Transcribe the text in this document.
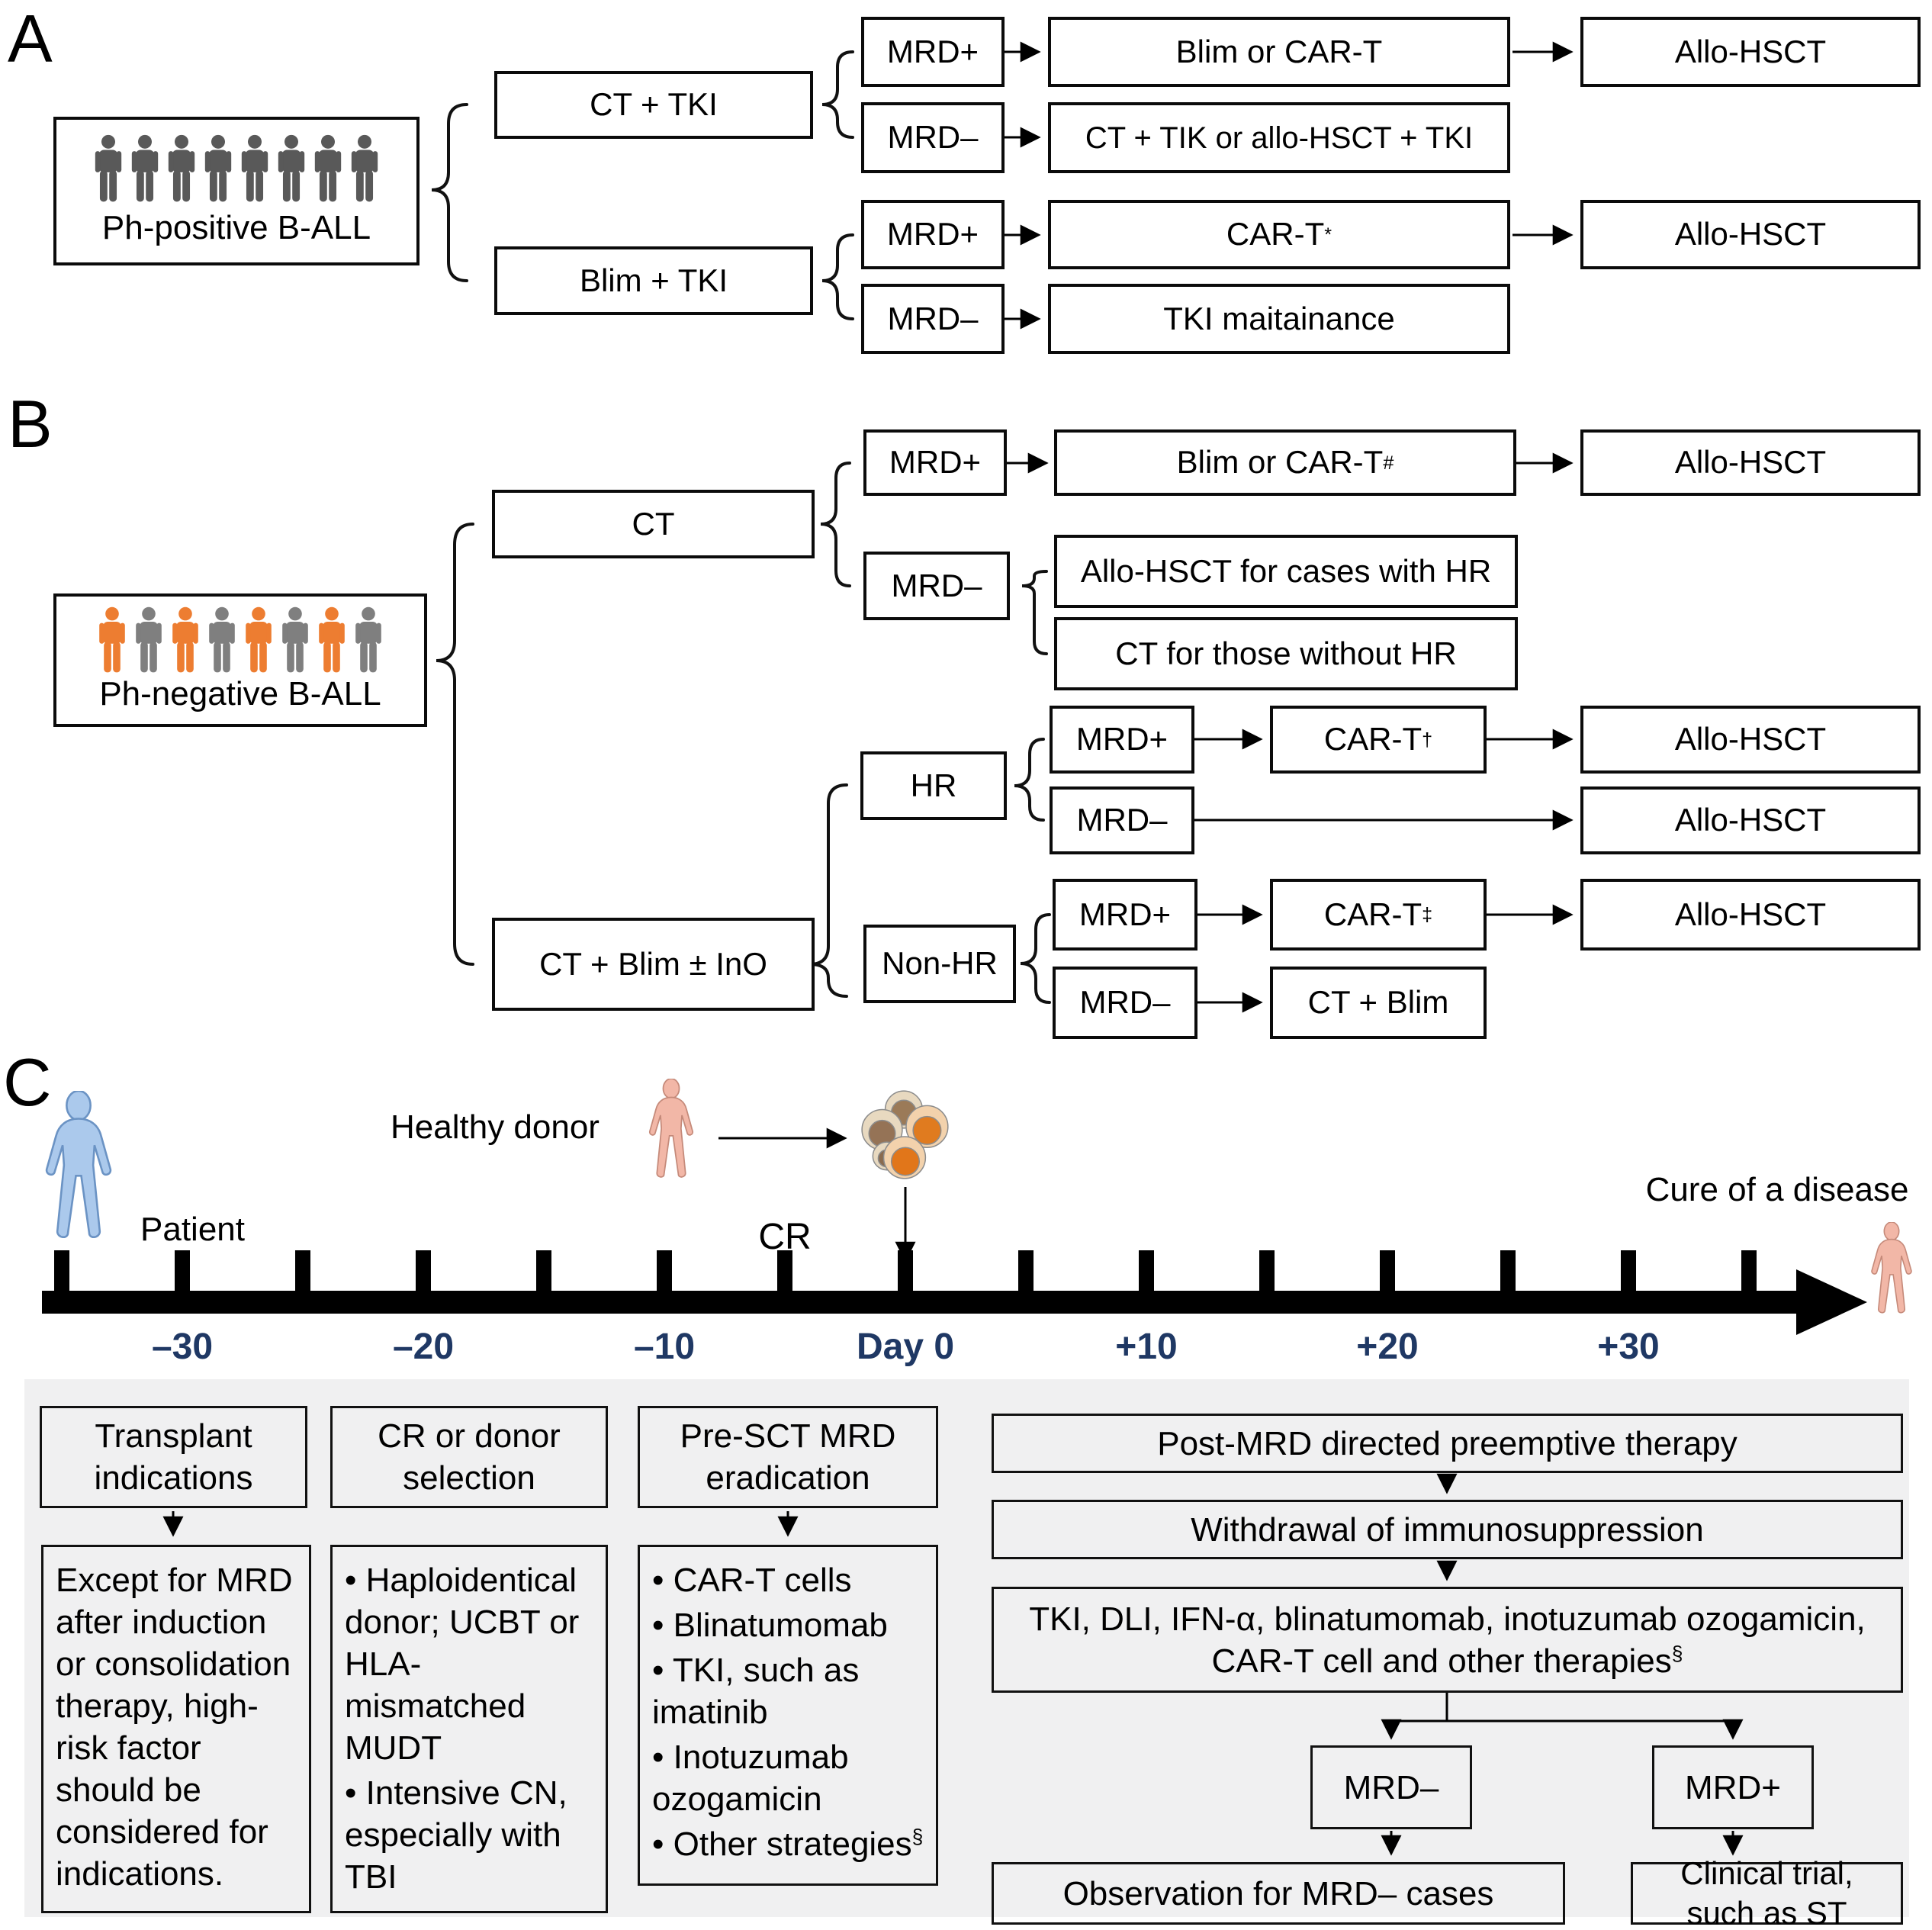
A
Ph-positive B-ALL
CT + TKI
Blim + TKI
MRD+	Blim or CAR-T	Allo-HSCT
MRD–	CT + TIK or allo-HSCT + TKI
MRD+	CAR-T *	Allo-HSCT
MRD–	TKI maitainance
B
Ph-negative B-ALL
CT
MRD+	Blim or CAR-T #	Allo-HSCT
MRD–	Allo-HSCT for cases with HR
CT for those without HR
CT + Blim ± InO
HR
MRD+	CAR-T †	Allo-HSCT
MRD–	Allo-HSCT
Non-HR
MRD+	CAR-T ‡	Allo-HSCT
MRD–	CT + Blim
C
Patient
Healthy donor
CR
–30	–20	–10	Day 0	+10	+20	+30
Cure of a disease
Transplant indications
Except for MRD after induction or consolidation therapy, high-risk factor should be considered for indications.
CR or donor selection
• Haploidentical donor; UCBT or HLA-mismatched MUDT
• Intensive CN, especially with TBI
Pre-SCT MRD eradication
• CAR-T cells
• Blinatumomab
• TKI, such as imatinib
• Inotuzumab ozogamicin
• Other strategies§
Post-MRD directed preemptive therapy
Withdrawal of immunosuppression
TKI, DLI, IFN-α, blinatumomab, inotuzumab ozogamicin, CAR-T cell and other therapies§
MRD–	MRD+
Observation for MRD– cases
Clinical trial, such as ST
